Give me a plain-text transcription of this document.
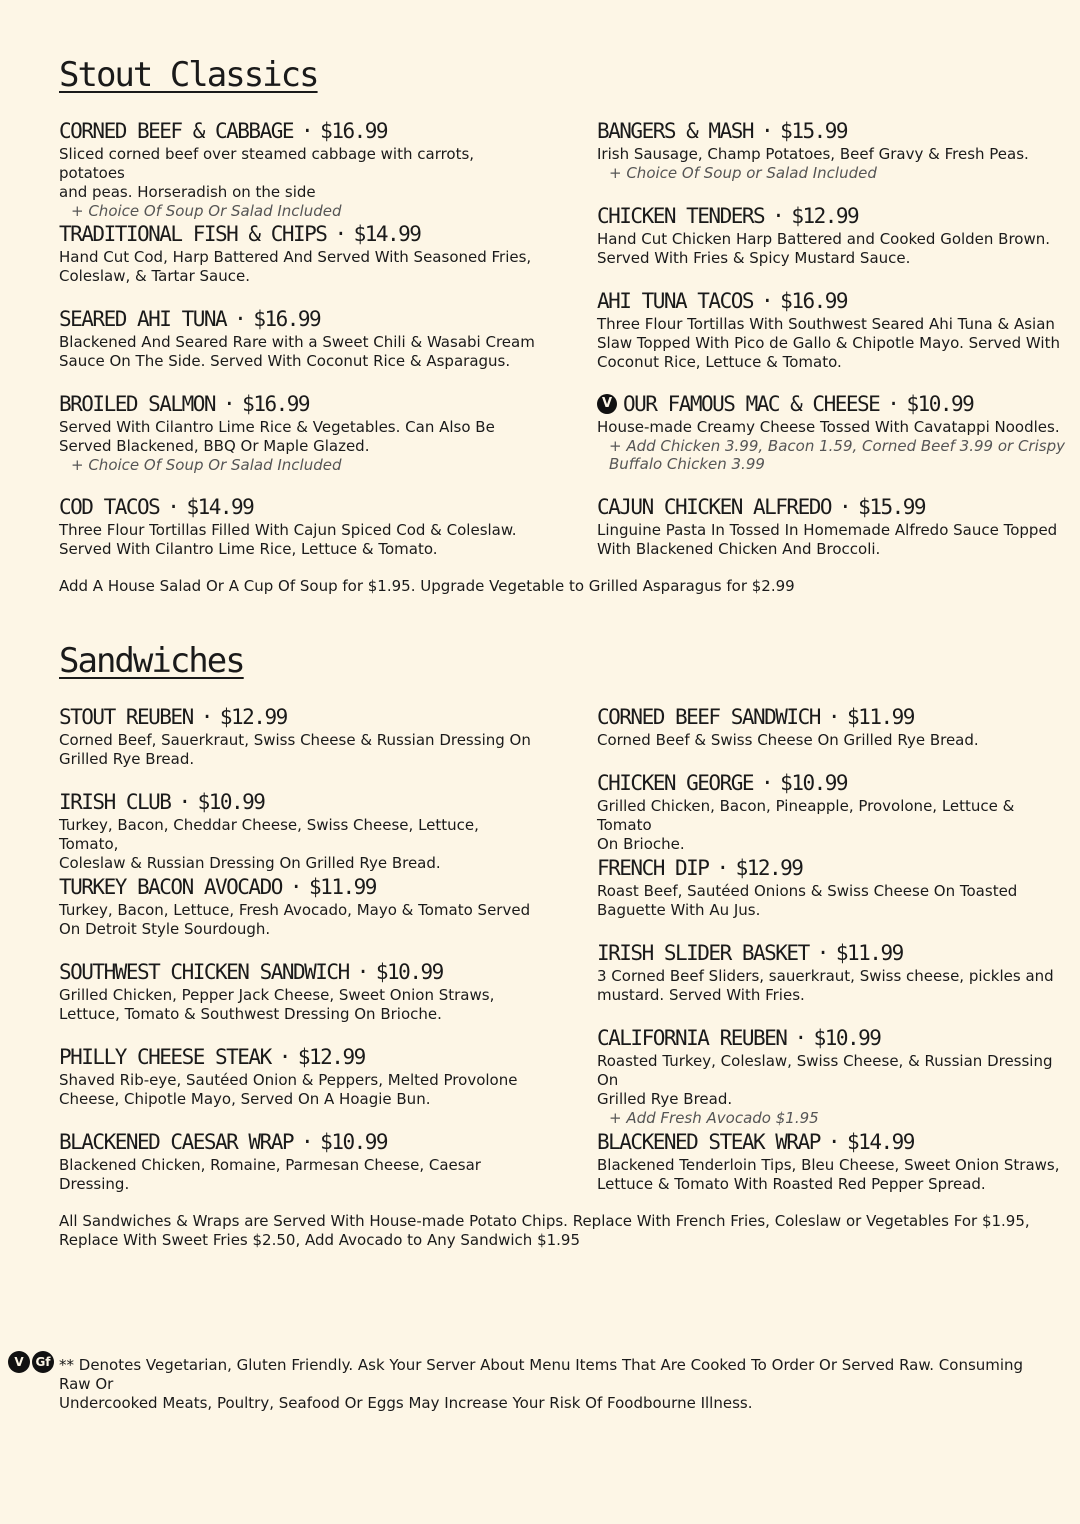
Stout Classics
CORNED BEEF & CABBAGE · $16.99
Sliced corned beef over steamed cabbage with carrots, potatoes
and peas. Horseradish on the side
+ Choice Of Soup Or Salad Included
TRADITIONAL FISH & CHIPS · $14.99
Hand Cut Cod, Harp Battered And Served With Seasoned Fries,
Coleslaw, & Tartar Sauce.
SEARED AHI TUNA · $16.99
Blackened And Seared Rare with a Sweet Chili & Wasabi Cream
Sauce On The Side. Served With Coconut Rice & Asparagus.
BROILED SALMON · $16.99
Served With Cilantro Lime Rice & Vegetables. Can Also Be
Served Blackened, BBQ Or Maple Glazed.
+ Choice Of Soup Or Salad Included
COD TACOS · $14.99
Three Flour Tortillas Filled With Cajun Spiced Cod & Coleslaw.
Served With Cilantro Lime Rice, Lettuce & Tomato.
BANGERS & MASH · $15.99
Irish Sausage, Champ Potatoes, Beef Gravy & Fresh Peas.
+ Choice Of Soup or Salad Included
CHICKEN TENDERS · $12.99
Hand Cut Chicken Harp Battered and Cooked Golden Brown.
Served With Fries & Spicy Mustard Sauce.
AHI TUNA TACOS · $16.99
Three Flour Tortillas With Southwest Seared Ahi Tuna & Asian
Slaw Topped With Pico de Gallo & Chipotle Mayo. Served With
Coconut Rice, Lettuce & Tomato.
V OUR FAMOUS MAC & CHEESE · $10.99
House-made Creamy Cheese Tossed With Cavatappi Noodles.
+ Add Chicken 3.99, Bacon 1.59, Corned Beef 3.99 or Crispy
Buffalo Chicken 3.99
CAJUN CHICKEN ALFREDO · $15.99
Linguine Pasta In Tossed In Homemade Alfredo Sauce Topped
With Blackened Chicken And Broccoli.
Add A House Salad Or A Cup Of Soup for $1.95. Upgrade Vegetable to Grilled Asparagus for $2.99
Sandwiches
STOUT REUBEN · $12.99
Corned Beef, Sauerkraut, Swiss Cheese & Russian Dressing On
Grilled Rye Bread.
IRISH CLUB · $10.99
Turkey, Bacon, Cheddar Cheese, Swiss Cheese, Lettuce, Tomato,
Coleslaw & Russian Dressing On Grilled Rye Bread.
TURKEY BACON AVOCADO · $11.99
Turkey, Bacon, Lettuce, Fresh Avocado, Mayo & Tomato Served
On Detroit Style Sourdough.
SOUTHWEST CHICKEN SANDWICH · $10.99
Grilled Chicken, Pepper Jack Cheese, Sweet Onion Straws,
Lettuce, Tomato & Southwest Dressing On Brioche.
PHILLY CHEESE STEAK · $12.99
Shaved Rib-eye, Sautéed Onion & Peppers, Melted Provolone
Cheese, Chipotle Mayo, Served On A Hoagie Bun.
BLACKENED CAESAR WRAP · $10.99
Blackened Chicken, Romaine, Parmesan Cheese, Caesar
Dressing.
CORNED BEEF SANDWICH · $11.99
Corned Beef & Swiss Cheese On Grilled Rye Bread.
CHICKEN GEORGE · $10.99
Grilled Chicken, Bacon, Pineapple, Provolone, Lettuce & Tomato
On Brioche.
FRENCH DIP · $12.99
Roast Beef, Sautéed Onions & Swiss Cheese On Toasted
Baguette With Au Jus.
IRISH SLIDER BASKET · $11.99
3 Corned Beef Sliders, sauerkraut, Swiss cheese, pickles and
mustard. Served With Fries.
CALIFORNIA REUBEN · $10.99
Roasted Turkey, Coleslaw, Swiss Cheese, & Russian Dressing On
Grilled Rye Bread.
+ Add Fresh Avocado $1.95
BLACKENED STEAK WRAP · $14.99
Blackened Tenderloin Tips, Bleu Cheese, Sweet Onion Straws,
Lettuce & Tomato With Roasted Red Pepper Spread.
All Sandwiches & Wraps are Served With House-made Potato Chips. Replace With French Fries, Coleslaw or Vegetables For $1.95,
Replace With Sweet Fries $2.50, Add Avocado to Any Sandwich $1.95
V Gf ** Denotes Vegetarian, Gluten Friendly. Ask Your Server About Menu Items That Are Cooked To Order Or Served Raw. Consuming Raw Or
Undercooked Meats, Poultry, Seafood Or Eggs May Increase Your Risk Of Foodbourne Illness.
